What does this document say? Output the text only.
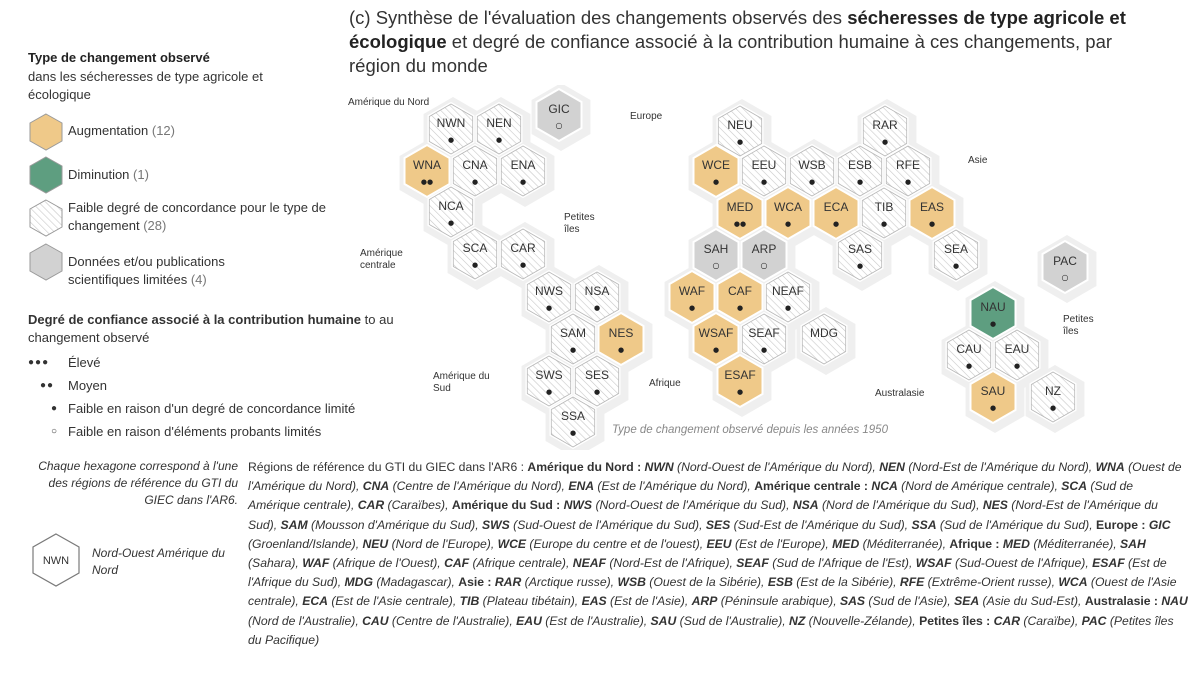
(c) Synthèse de l'évaluation des changements observés des sécheresses de type agricole et écologique et degré de confiance associé à la contribution humaine à ces changements, par région du monde
Type de changement observé
dans les sécheresses de type agricole et écologique
Augmentation (12)
Diminution (1)
Faible degré de concordance pour le type de changement (28)
Données et/ou publications scientifiques limitées (4)
Degré de confiance associé à la contribution humaine to au changement observé
●●● Élevé
●● Moyen
● Faible en raison d'un degré de concordance limité
○ Faible en raison d'éléments probants limités
Amérique du Nord
Amérique centrale
Petites îles
Amérique du Sud
Europe
Asie
Afrique
Petites îles
Australasie
NWN
●
NEN
●
WNA
●●
CNA
●
ENA
●
NCA
●
SCA
●
CAR
●
GIC
○
NWS
●
NSA
●
SAM
●
NES
●
SWS
●
SES
●
SSA
●
NEU
●
RAR
●
WCE
●
EEU
●
WSB
●
ESB
●
RFE
●
MED
●●
WCA
●
ECA
●
TIB
●
EAS
●
SAH
○
ARP
○
SAS
●
SEA
●
WAF
●
CAF
●
NEAF
●
WSAF
●
SEAF
●
MDG
ESAF
●
PAC
○
NAU
●
CAU
●
EAU
●
SAU
●
NZ
●
Type de changement observé depuis les années 1950
Chaque hexagone correspond à l'une des régions de référence du GTI du GIEC dans l'AR6.
NWN
Nord-Ouest Amérique du Nord
Régions de référence du GTI du GIEC dans l'AR6 : Amérique du Nord : NWN (Nord-Ouest de l'Amérique du Nord), NEN (Nord-Est de l'Amérique du Nord), WNA (Ouest de l'Amérique du Nord), CNA (Centre de l'Amérique du Nord), ENA (Est de l'Amérique du Nord), Amérique centrale : NCA (Nord de Amérique centrale), SCA (Sud de Amérique centrale), CAR (Caraïbes), Amérique du Sud : NWS (Nord-Ouest de l'Amérique du Sud), NSA (Nord de l'Amérique du Sud), NES (Nord-Est de l'Amérique du Sud), SAM (Mousson d'Amérique du Sud), SWS (Sud-Ouest de l'Amérique du Sud), SES (Sud-Est de l'Amérique du Sud), SSA (Sud de l'Amérique du Sud), Europe : GIC (Groenland/Islande), NEU (Nord de l'Europe), WCE (Europe du centre et de l'ouest), EEU (Est de l'Europe), MED (Méditerranée), Afrique : MED (Méditerranée), SAH (Sahara), WAF (Afrique de l'Ouest), CAF (Afrique centrale), NEAF (Nord-Est de l'Afrique), SEAF (Sud de l'Afrique de l'Est), WSAF (Sud-Ouest de l'Afrique), ESAF (Est de l'Afrique du Sud), MDG (Madagascar), Asie : RAR (Arctique russe), WSB (Ouest de la Sibérie), ESB (Est de la Sibérie), RFE (Extrême-Orient russe), WCA (Ouest de l'Asie centrale), ECA (Est de l'Asie centrale), TIB (Plateau tibétain), EAS (Est de l'Asie), ARP (Péninsule arabique), SAS (Sud de l'Asie), SEA (Asie du Sud-Est), Australasie : NAU (Nord de l'Australie), CAU (Centre de l'Australie), EAU (Est de l'Australie), SAU (Sud de l'Australie), NZ (Nouvelle-Zélande), Petites îles : CAR (Caraïbe), PAC (Petites îles du Pacifique)
